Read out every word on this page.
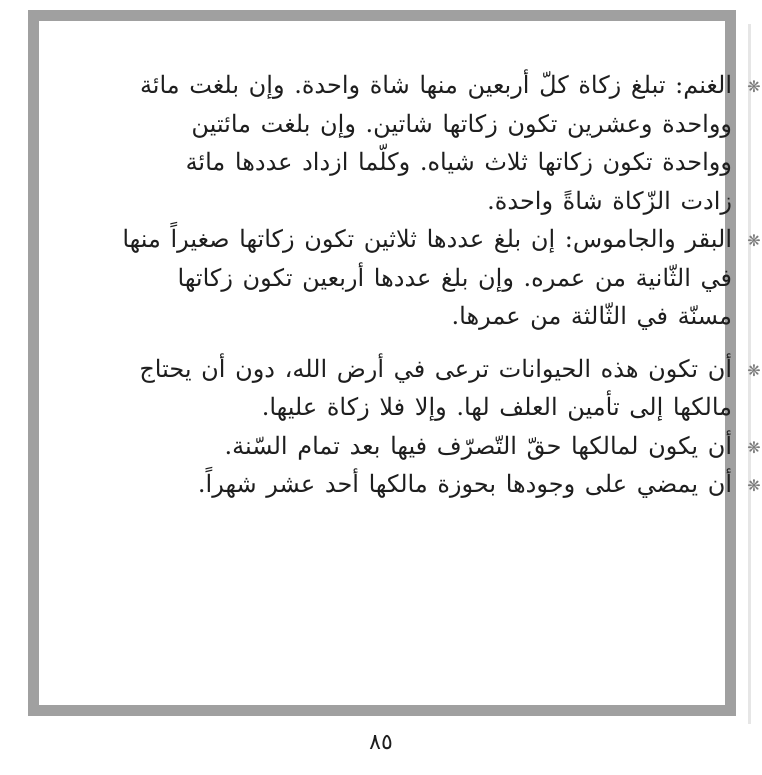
❋
الغنم: تبلغ زكاة كلّ أربعين منها شاة واحدة. وإن بلغت مائة
وواحدة وعشرين تكون زكاتها شاتين. وإن بلغت مائتين
وواحدة تكون زكاتها ثلاث شياه. وكلّما ازداد عددها مائة
زادت الزّكاة شاةً واحدة.
❋
البقر والجاموس: إن بلغ عددها ثلاثين تكون زكاتها صغيراً منها
في الثّانية من عمره. وإن بلغ عددها أربعين تكون زكاتها
مسنّة في الثّالثة من عمرها.
❋
أن تكون هذه الحيوانات ترعى في أرض الله، دون أن يحتاج
مالكها إلى تأمين العلف لها. وإلا فلا زكاة عليها.
❋
أن يكون لمالكها حقّ التّصرّف فيها بعد تمام السّنة.
❋
أن يمضي على وجودها بحوزة مالكها أحد عشر شهراً.
٨٥
